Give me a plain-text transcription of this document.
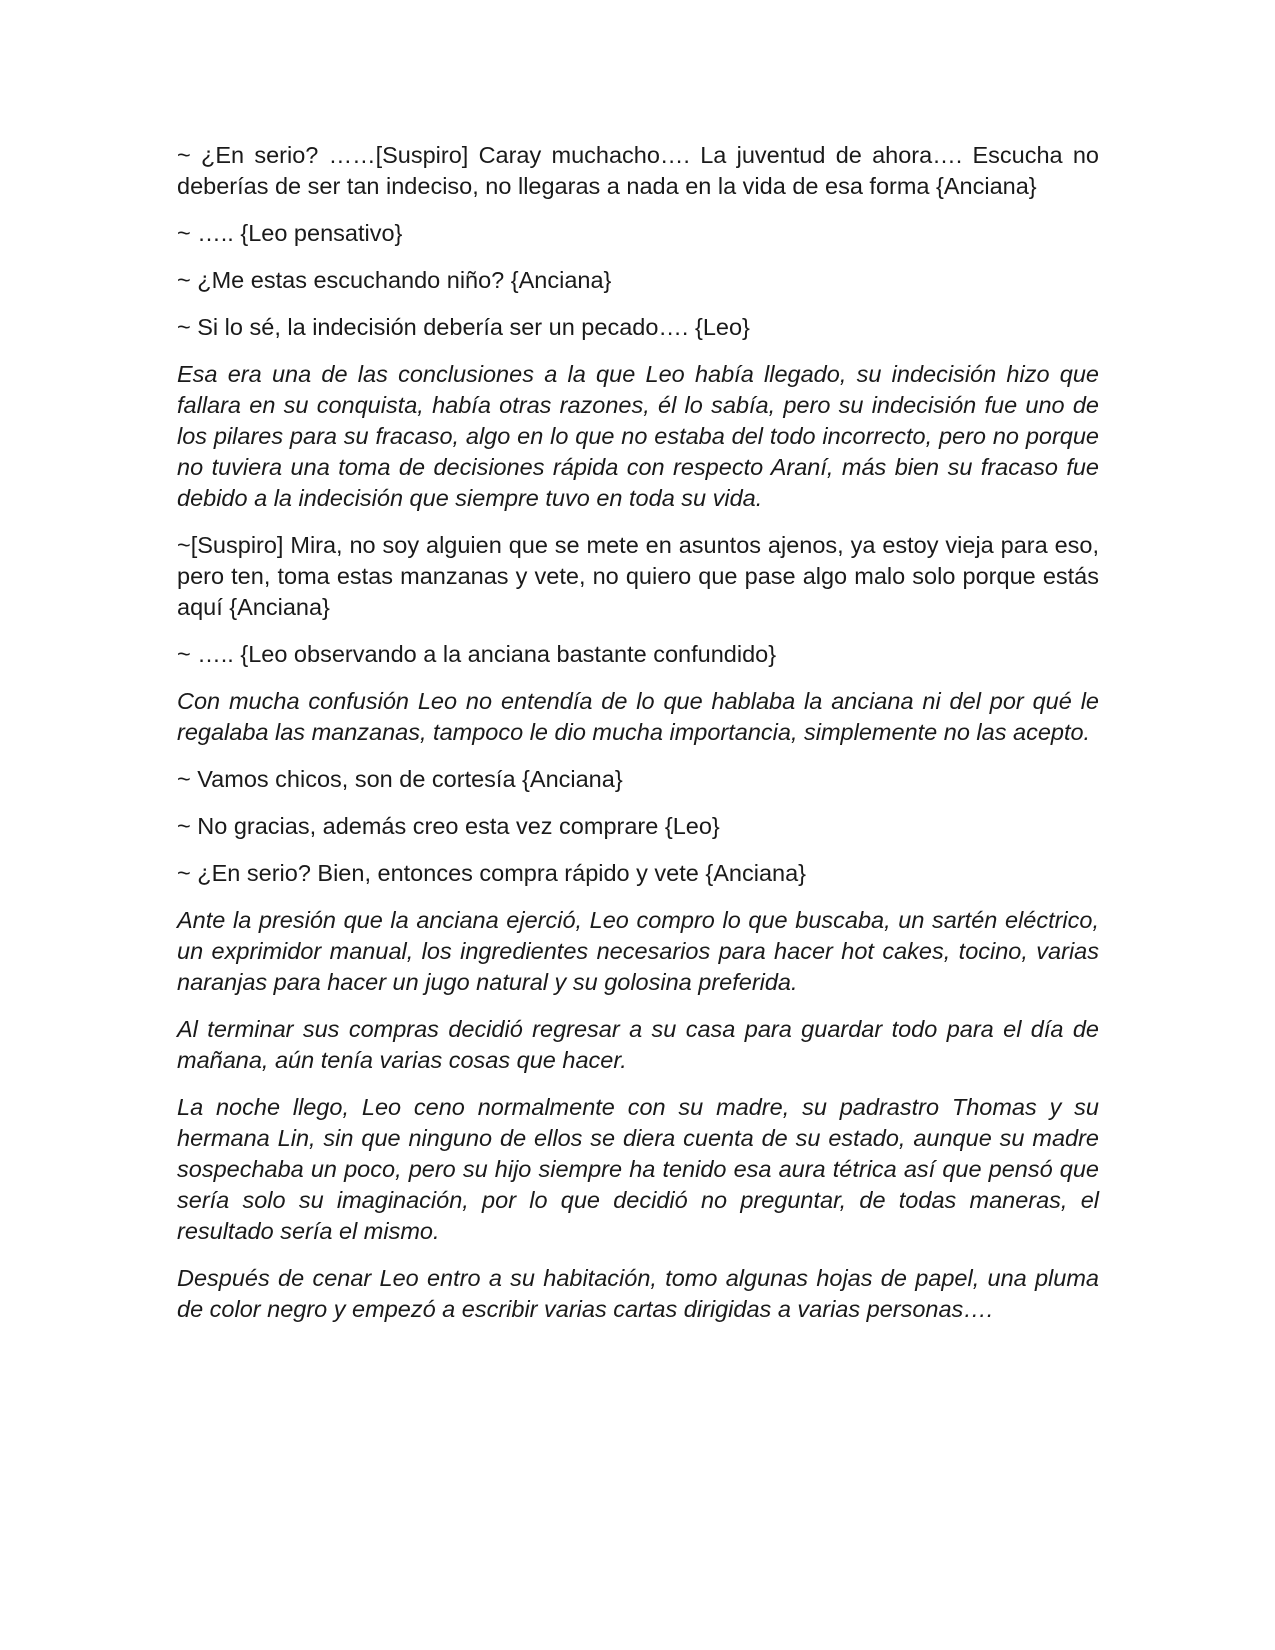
~ ¿En serio? ……[Suspiro] Caray muchacho…. La juventud de ahora…. Escucha no deberías de ser tan indeciso, no llegaras a nada en la vida de esa forma {Anciana}

~ ….. {Leo pensativo}

~ ¿Me estas escuchando niño? {Anciana}

~ Si lo sé, la indecisión debería ser un pecado…. {Leo}

Esa era una de las conclusiones a la que Leo había llegado, su indecisión hizo que fallara en su conquista, había otras razones, él lo sabía, pero su indecisión fue uno de los pilares para su fracaso, algo en lo que no estaba del todo incorrecto, pero no porque no tuviera una toma de decisiones rápida con respecto Araní, más bien su fracaso fue debido a la indecisión que siempre tuvo en toda su vida.

~[Suspiro] Mira, no soy alguien que se mete en asuntos ajenos, ya estoy vieja para eso, pero ten, toma estas manzanas y vete, no quiero que pase algo malo solo porque estás aquí {Anciana}

~ ….. {Leo observando a la anciana bastante confundido}

Con mucha confusión Leo no entendía de lo que hablaba la anciana ni del por qué le regalaba las manzanas, tampoco le dio mucha importancia, simplemente no las acepto.

~ Vamos chicos, son de cortesía {Anciana}

~ No gracias, además creo esta vez comprare {Leo}

~ ¿En serio? Bien, entonces compra rápido y vete {Anciana}

Ante la presión que la anciana ejerció, Leo compro lo que buscaba, un sartén eléctrico, un exprimidor manual, los ingredientes necesarios para hacer hot cakes, tocino, varias naranjas para hacer un jugo natural y su golosina preferida.

Al terminar sus compras decidió regresar a su casa para guardar todo para el día de mañana, aún tenía varias cosas que hacer.

La noche llego, Leo ceno normalmente con su madre, su padrastro Thomas y su hermana Lin, sin que ninguno de ellos se diera cuenta de su estado, aunque su madre sospechaba un poco, pero su hijo siempre ha tenido esa aura tétrica así que pensó que sería solo su imaginación, por lo que decidió no preguntar, de todas maneras, el resultado sería el mismo.

Después de cenar Leo entro a su habitación, tomo algunas hojas de papel, una pluma de color negro y empezó a escribir varias cartas dirigidas a varias personas….
